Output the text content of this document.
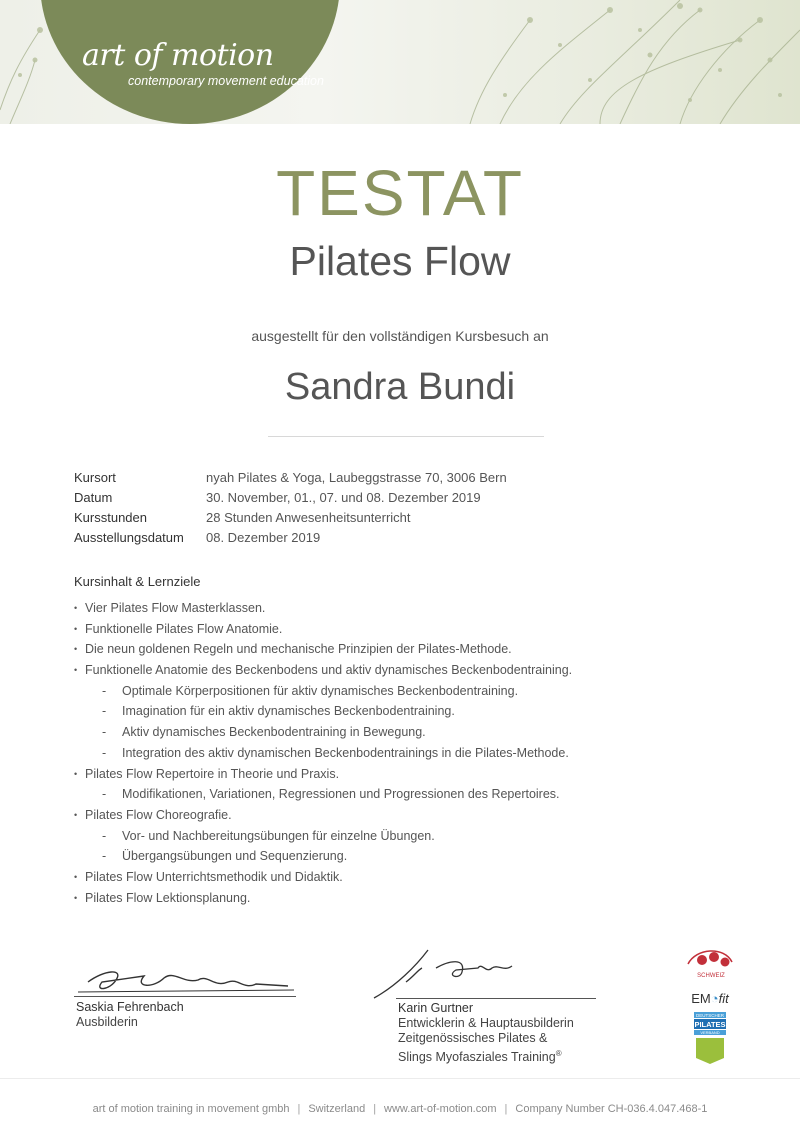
art of motion
contemporary movement education
TESTAT
Pilates Flow
ausgestellt für den vollständigen Kursbesuch an
Sandra Bundi
Kursort	nyah Pilates & Yoga, Laubeggstrasse 70, 3006 Bern
Datum	30. November, 01., 07. und 08. Dezember 2019
Kursstunden	28 Stunden Anwesenheitsunterricht
Ausstellungsdatum 08. Dezember 2019
Kursinhalt & Lernziele
• Vier Pilates Flow Masterklassen.
• Funktionelle Pilates Flow Anatomie.
• Die neun goldenen Regeln und mechanische Prinzipien der Pilates-Methode.
• Funktionelle Anatomie des Beckenbodens und aktiv dynamisches Beckenbodentraining.
- Optimale Körperpositionen für aktiv dynamisches Beckenbodentraining.
- Imagination für ein aktiv dynamisches Beckenbodentraining.
- Aktiv dynamisches Beckenbodentraining in Bewegung.
- Integration des aktiv dynamischen Beckenbodentrainings in die Pilates-Methode.
• Pilates Flow Repertoire in Theorie und Praxis.
- Modifikationen, Variationen, Regressionen und Progressionen des Repertoires.
• Pilates Flow Choreografie.
- Vor- und Nachbereitungsübungen für einzelne Übungen.
- Übergangsübungen und Sequenzierung.
• Pilates Flow Unterrichtsmethodik und Didaktik.
• Pilates Flow Lektionsplanung.
Saskia Fehrenbach
Ausbilderin
Karin Gurtner
Entwicklerin & Hauptausbilderin
Zeitgenössisches Pilates &
Slings Myofasziales Training®
SCHWEIZ
EM◔fit
DEUTSCHER
PILATES
VERBAND
art of motion training in movement gmbh | Switzerland | www.art-of-motion.com | Company Number CH-036.4.047.468-1
